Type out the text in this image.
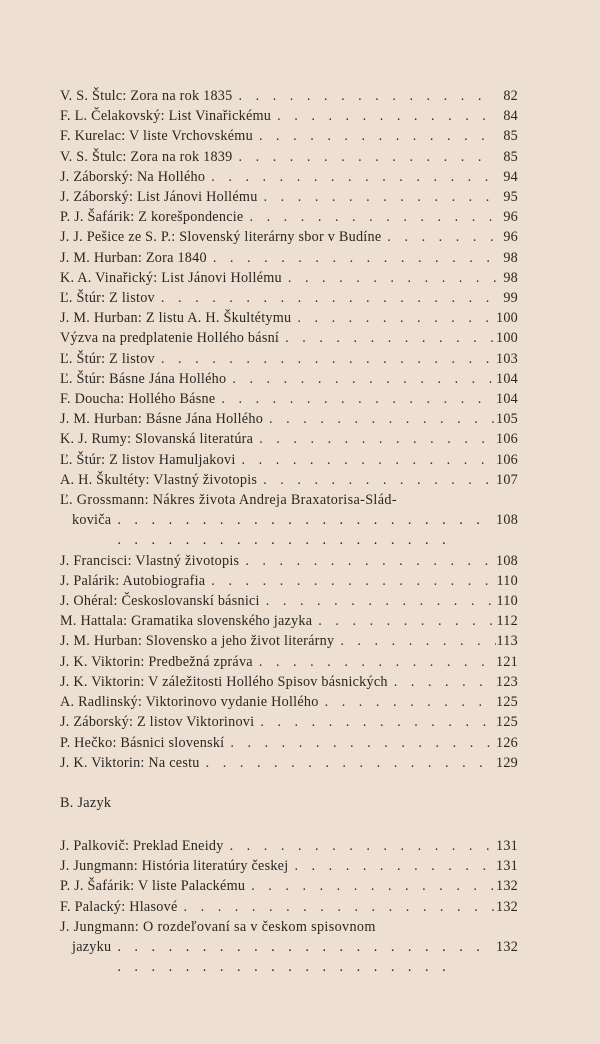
V. S. Štulc: Zora na rok 1835 . . .	82
F. L. Čelakovský: List Vinařickému . . .	84
F. Kurelac: V liste Vrchovskému . . .	85
V. S. Štulc: Zora na rok 1839 . . .	85
J. Záborský: Na Hollého . . .	94
J. Záborský: List Jánovi Hollému . . .	95
P. J. Šafárik: Z korešpondencie . . .	96
J. J. Pešice ze S. P.: Slovenský literárny sbor v Budíne . . .	96
J. M. Hurban: Zora 1840 . . .	98
K. A. Vinařický: List Jánovi Hollému . . .	98
Ľ. Štúr: Z listov . . .	99
J. M. Hurban: Z listu A. H. Škultétymu . . .	100
Výzva na predplatenie Hollého básní . . .	100
Ľ. Štúr: Z listov . . .	103
Ľ. Štúr: Básne Jána Hollého . . .	104
F. Doucha: Hollého Básne . . .	104
J. M. Hurban: Básne Jána Hollého . . .	105
K. J. Rumy: Slovanská literatúra . . .	106
Ľ. Štúr: Z listov Hamuljakovi . . .	106
A. H. Škultéty: Vlastný životopis . . .	107
Ľ. Grossmann: Nákres života Andreja Braxatorisa-Slád-
koviča . . .	108
J. Francisci: Vlastný životopis . . .	108
J. Palárik: Autobiografia . . .	110
J. Ohéral: Českoslovanskí básnici . . .	110
M. Hattala: Gramatika slovenského jazyka . . .	112
J. M. Hurban: Slovensko a jeho život literárny . . .	113
J. K. Viktorin: Predbežná zpráva . . .	121
J. K. Viktorin: V záležitosti Hollého Spisov básnických . . .	123
A. Radlinský: Viktorinovo vydanie Hollého . . .	125
J. Záborský: Z listov Viktorinovi . . .	125
P. Hečko: Básnici slovenskí . . .	126
J. K. Viktorin: Na cestu . . .	129
B. Jazyk
J. Palkovič: Preklad Eneidy . . .	131
J. Jungmann: História literatúry českej . . .	131
P. J. Šafárik: V liste Palackému . . .	132
F. Palacký: Hlasové . . .	132
J. Jungmann: O rozdeľovaní sa v českom spisovnom
jazyku . . .	132
